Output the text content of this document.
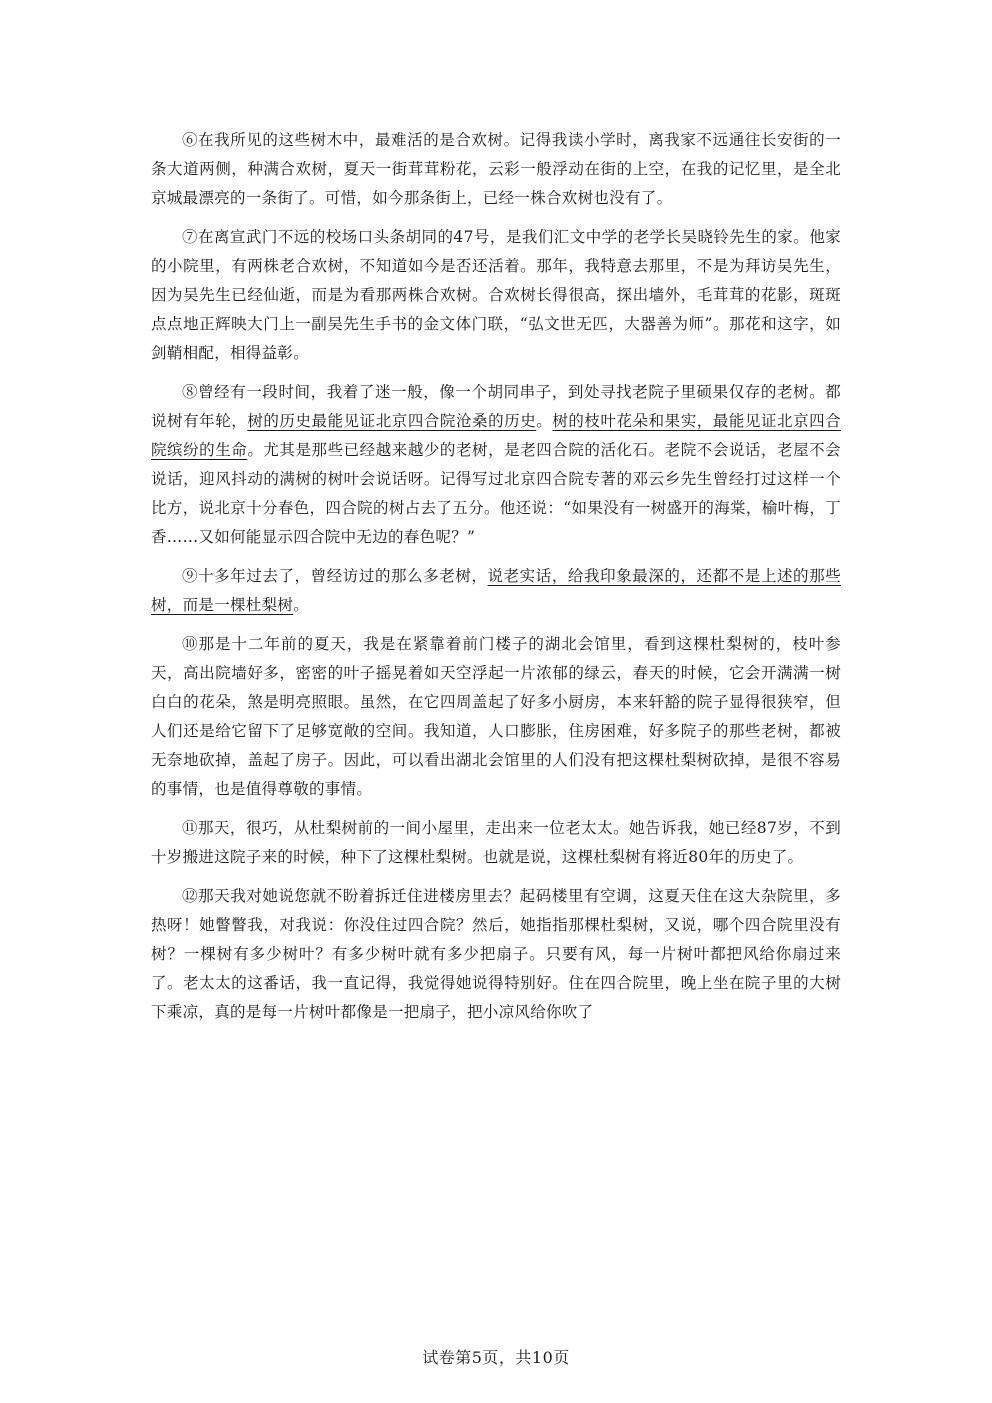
⑥在我所见的这些树木中，最难活的是合欢树。记得我读小学时，离我家不远通往长安街的一条大道两侧，种满合欢树，夏天一街茸茸粉花，云彩一般浮动在街的上空，在我的记忆里，是全北京城最漂亮的一条街了。可惜，如今那条街上，已经一株合欢树也没有了。

⑦在离宣武门不远的校场口头条胡同的47号，是我们汇文中学的老学长吴晓铃先生的家。他家的小院里，有两株老合欢树，不知道如今是否还活着。那年，我特意去那里，不是为拜访吴先生，因为吴先生已经仙逝，而是为看那两株合欢树。合欢树长得很高，探出墙外，毛茸茸的花影，斑斑点点地正辉映大门上一副吴先生手书的金文体门联，“弘文世无匹，大器善为师”。那花和这字，如剑鞘相配，相得益彰。

⑧曾经有一段时间，我着了迷一般，像一个胡同串子，到处寻找老院子里硕果仅存的老树。都说树有年轮，树的历史最能见证北京四合院沧桑的历史。树的枝叶花朵和果实，最能见证北京四合院缤纷的生命。尤其是那些已经越来越少的老树，是老四合院的活化石。老院不会说话，老屋不会说话，迎风抖动的满树的树叶会说话呀。记得写过北京四合院专著的邓云乡先生曾经打过这样一个比方，说北京十分春色，四合院的树占去了五分。他还说：“如果没有一树盛开的海棠，榆叶梅，丁香……又如何能显示四合院中无边的春色呢？”

⑨十多年过去了，曾经访过的那么多老树，说老实话，给我印象最深的，还都不是上述的那些树，而是一棵杜梨树。

⑩那是十二年前的夏天，我是在紧靠着前门楼子的湖北会馆里，看到这棵杜梨树的，枝叶参天，高出院墙好多，密密的叶子摇晃着如天空浮起一片浓郁的绿云，春天的时候，它会开满满一树白白的花朵，煞是明亮照眼。虽然，在它四周盖起了好多小厨房，本来轩豁的院子显得很狭窄，但人们还是给它留下了足够宽敞的空间。我知道，人口膨胀，住房困难，好多院子的那些老树，都被无奈地砍掉，盖起了房子。因此，可以看出湖北会馆里的人们没有把这棵杜梨树砍掉，是很不容易的事情，也是值得尊敬的事情。

⑪那天，很巧，从杜梨树前的一间小屋里，走出来一位老太太。她告诉我，她已经87岁，不到十岁搬进这院子来的时候，种下了这棵杜梨树。也就是说，这棵杜梨树有将近80年的历史了。

⑫那天我对她说您就不盼着拆迁住进楼房里去？起码楼里有空调，这夏天住在这大杂院里，多热呀！她瞥瞥我，对我说：你没住过四合院？然后，她指指那棵杜梨树，又说，哪个四合院里没有树？一棵树有多少树叶？有多少树叶就有多少把扇子。只要有风，每一片树叶都把风给你扇过来了。老太太的这番话，我一直记得，我觉得她说得特别好。住在四合院里，晚上坐在院子里的大树下乘凉，真的是每一片树叶都像是一把扇子，把小凉风给你吹了

试卷第5页，共10页
